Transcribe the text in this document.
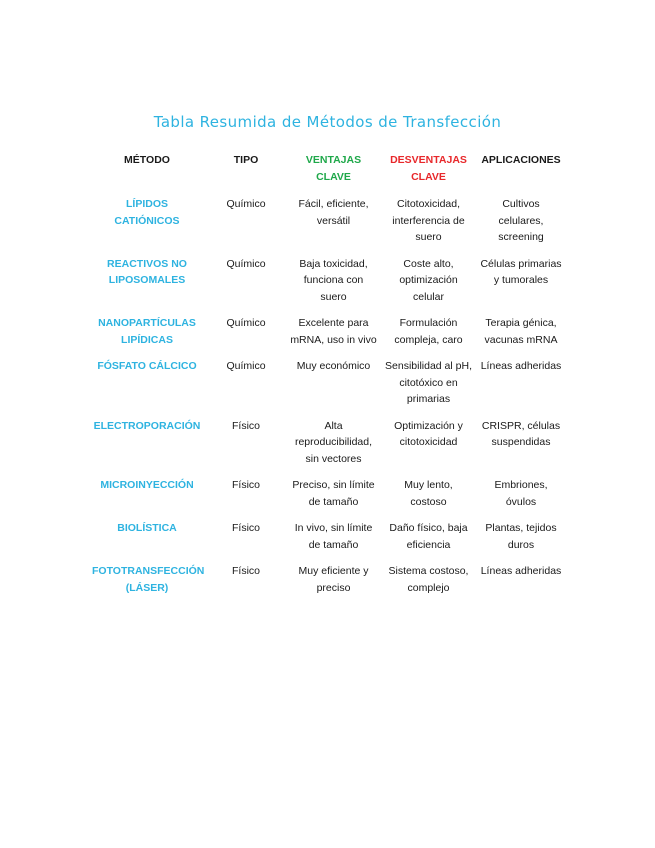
Tabla Resumida de Métodos de Transfección
MÉTODO	TIPO	VENTAJAS CLAVE	DESVENTAJAS CLAVE	APLICACIONES
LÍPIDOS CATIÓNICOS	Químico	Fácil, eficiente, versátil	Citotoxicidad, interferencia de suero	Cultivos celulares, screening
REACTIVOS NO LIPOSOMALES	Químico	Baja toxicidad, funciona con suero	Coste alto, optimización celular	Células primarias y tumorales
NANOPARTÍCULAS LIPÍDICAS	Químico	Excelente para mRNA, uso in vivo	Formulación compleja, caro	Terapia génica, vacunas mRNA
FÓSFATO CÁLCICO	Químico	Muy económico	Sensibilidad al pH, citotóxico en primarias	Líneas adheridas
ELECTROPORACIÓN	Físico	Alta reproducibilidad, sin vectores	Optimización y citotoxicidad	CRISPR, células suspendidas
MICROINYECCIÓN	Físico	Preciso, sin límite de tamaño	Muy lento, costoso	Embriones, óvulos
BIOLÍSTICA	Físico	In vivo, sin límite de tamaño	Daño físico, baja eficiencia	Plantas, tejidos duros
FOTOTRANSFECCIÓN (LÁSER)	Físico	Muy eficiente y preciso	Sistema costoso, complejo	Líneas adheridas
